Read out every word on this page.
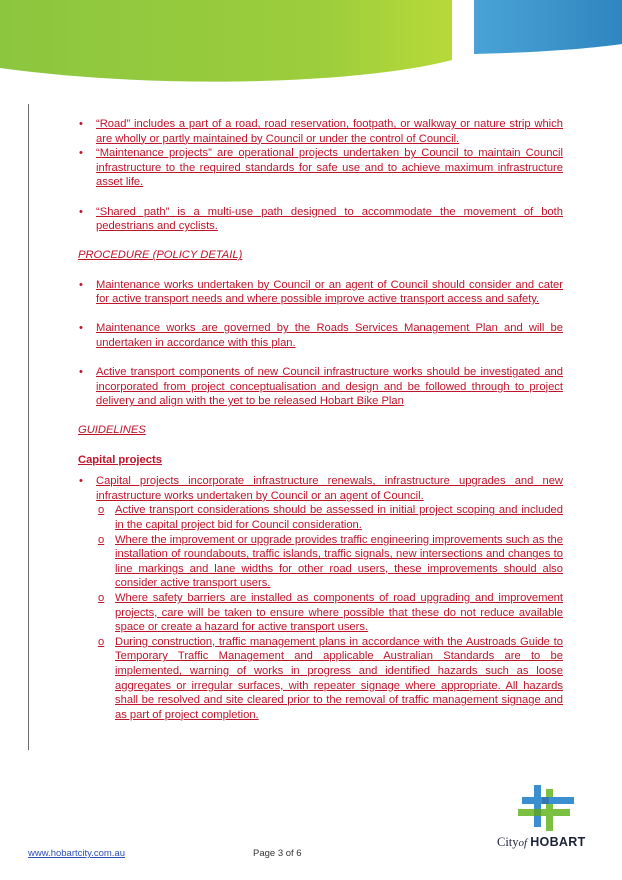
•	“Road” includes a part of a road, road reservation, footpath, or walkway or nature strip which are wholly or partly maintained by Council or under the control of Council.

•	“Maintenance projects” are operational projects undertaken by Council to maintain Council infrastructure to the required standards for safe use and to achieve maximum infrastructure asset life.

•	“Shared path” is a multi-use path designed to accommodate the movement of both pedestrians and cyclists.

PROCEDURE (POLICY DETAIL)

•	Maintenance works undertaken by Council or an agent of Council should consider and cater for active transport needs and where possible improve active transport access and safety.

•	Maintenance works are governed by the Roads Services Management Plan and will be undertaken in accordance with this plan.

•	Active transport components of new Council infrastructure works should be investigated and incorporated from project conceptualisation and design and be followed through to project delivery and align with the yet to be released Hobart Bike Plan

GUIDELINES

Capital projects

•	Capital projects incorporate infrastructure renewals, infrastructure upgrades and new infrastructure works undertaken by Council or an agent of Council.

o Active transport considerations should be assessed in initial project scoping and included in the capital project bid for Council consideration.

o Where the improvement or upgrade provides traffic engineering improvements such as the installation of roundabouts, traffic islands, traffic signals, new intersections and changes to line markings and lane widths for other road users, these improvements should also consider active transport users.

o Where safety barriers are installed as components of road upgrading and improvement projects, care will be taken to ensure where possible that these do not reduce available space or create a hazard for active transport users.

o During construction, traffic management plans in accordance with the Austroads Guide to Temporary Traffic Management and applicable Australian Standards are to be implemented, warning of works in progress and identified hazards such as loose aggregates or irregular surfaces, with repeater signage where appropriate. All hazards shall be resolved and site cleared prior to the removal of traffic management signage and as part of project completion.

Cityof HOBART
www.hobartcity.com.au	Page 3 of 6
